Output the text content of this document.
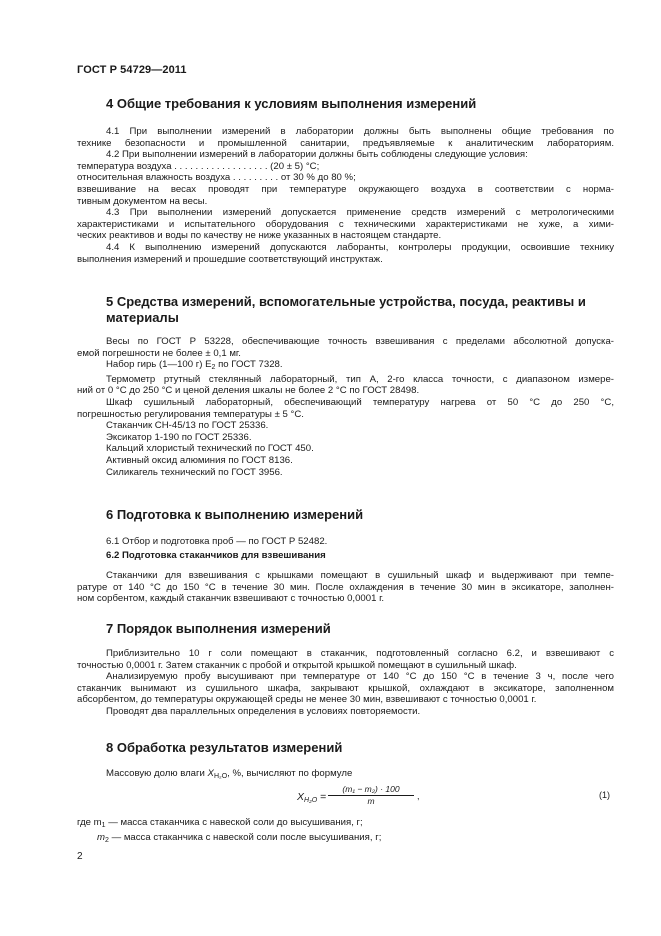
ГОСТ Р 54729—2011
4 Общие требования к условиям выполнения измерений
4.1 При выполнении измерений в лаборатории должны быть выполнены общие требования по
технике безопасности и промышленной санитарии, предъявляемые к аналитическим лабораториям.
4.2 При выполнении измерений в лаборатории должны быть соблюдены следующие условия:
температура воздуха . . . . . . . . . . . . . . . . . . (20 ± 5) °С;
относительная влажность воздуха . . . . . . . . . от 30 % до 80 %;
взвешивание на весах проводят при температуре окружающего воздуха в соответствии с норма-
тивным документом на весы.
4.3 При выполнении измерений допускается применение средств измерений с метрологическими
характеристиками и испытательного оборудования с техническими характеристиками не хуже, а хими-
ческих реактивов и воды по качеству не ниже указанных в настоящем стандарте.
4.4 К выполнению измерений допускаются лаборанты, контролеры продукции, освоившие технику
выполнения измерений и прошедшие соответствующий инструктаж.
5 Средства измерений, вспомогательные устройства, посуда, реактивы и
материалы
Весы по ГОСТ Р 53228, обеспечивающие точность взвешивания с пределами абсолютной допуска-
емой погрешности не более ± 0,1 мг.
Набор гирь (1—100 г) $Е_2$ по ГОСТ 7328.
Термометр ртутный стеклянный лабораторный, тип А, 2-го класса точности, с диапазоном измере-
ний от 0 °С до 250 °С и ценой деления шкалы не более 2 °С по ГОСТ 28498.
Шкаф сушильный лабораторный, обеспечивающий температуру нагрева от 50 °С до 250 °С,
погрешностью регулирования температуры ± 5 °С.
Стаканчик СН-45/13 по ГОСТ 25336.
Эксикатор 1-190 по ГОСТ 25336.
Кальций хлористый технический по ГОСТ 450.
Активный оксид алюминия по ГОСТ 8136.
Силикагель технический по ГОСТ 3956.
6 Подготовка к выполнению измерений
6.1 Отбор и подготовка проб — по ГОСТ Р 52482.
6.2 Подготовка стаканчиков для взвешивания
Стаканчики для взвешивания с крышками помещают в сушильный шкаф и выдерживают при темпе-
ратуре от 140 °С до 150 °С в течение 30 мин. После охлаждения в течение 30 мин в эксикаторе, заполнен-
ном сорбентом, каждый стаканчик взвешивают с точностью 0,0001 г.
7 Порядок выполнения измерений
Приблизительно 10 г соли помещают в стаканчик, подготовленный согласно 6.2, и взвешивают с
точностью 0,0001 г. Затем стаканчик с пробой и открытой крышкой помещают в сушильный шкаф.
Анализируемую пробу высушивают при температуре от 140 °С до 150 °С в течение 3 ч, после чего
стаканчик вынимают из сушильного шкафа, закрывают крышкой, охлаждают в эксикаторе, заполненном
абсорбентом, до температуры окружающей среды не менее 30 мин, взвешивают с точностью 0,0001 г.
Проводят два параллельных определения в условиях повторяемости.
8 Обработка результатов измерений
Массовую долю влаги $X_{H_2O}$, %, вычисляют по формуле
$X_{H_2O} = \frac{\text{(m₁ − m₂) · 100}}{m}$ ,	(1)
где $m_1$ — масса стаканчика с навеской соли до высушивания, г;
$m_2$ — масса стаканчика с навеской соли после высушивания, г;
2
